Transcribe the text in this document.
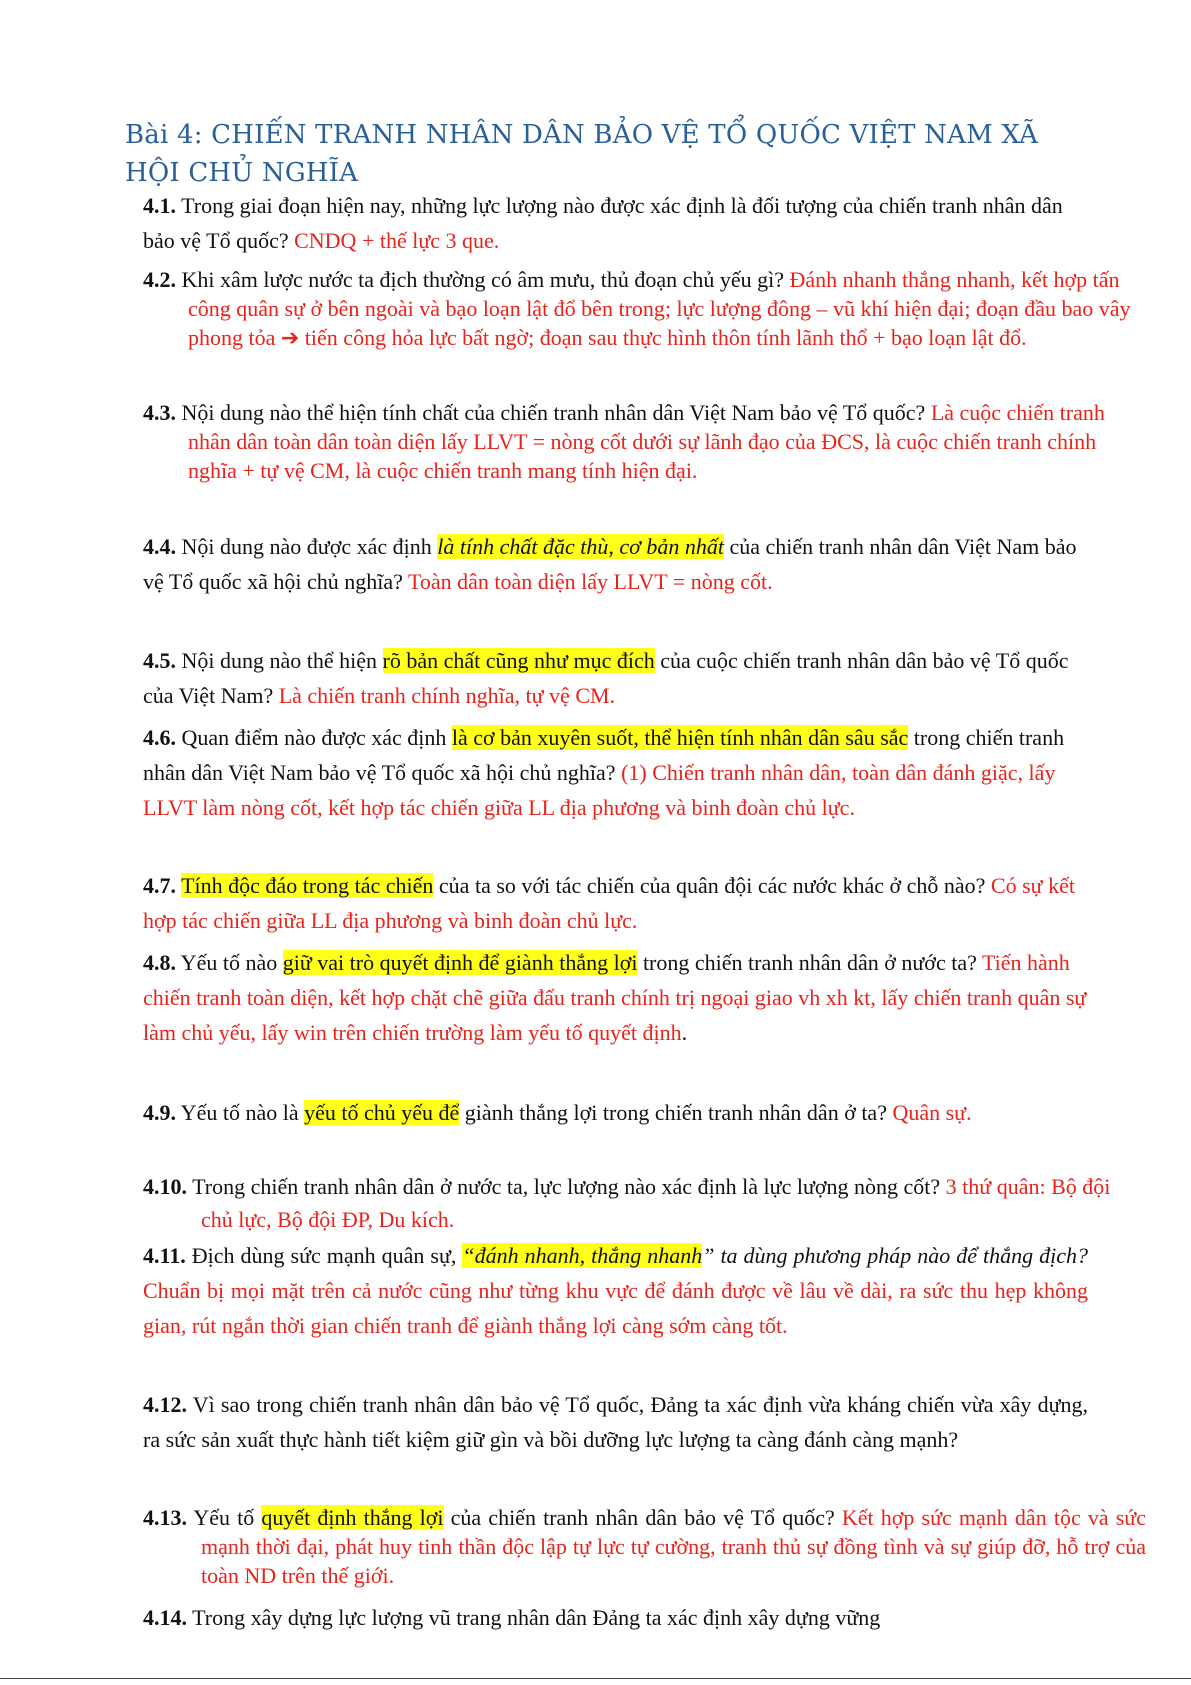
Bài 4: CHIẾN TRANH NHÂN DÂN BẢO VỆ TỔ QUỐC VIỆT NAM XÃ HỘI CHỦ NGHĨA

4.1. Trong giai đoạn hiện nay, những lực lượng nào được xác định là đối tượng của chiến tranh nhân dân bảo vệ Tổ quốc? CNDQ + thế lực 3 que.

4.2. Khi xâm lược nước ta địch thường có âm mưu, thủ đoạn chủ yếu gì? Đánh nhanh thắng nhanh, kết hợp tấn công quân sự ở bên ngoài và bạo loạn lật đổ bên trong; lực lượng đông – vũ khí hiện đại; đoạn đầu bao vây phong tỏa ➔ tiến công hỏa lực bất ngờ; đoạn sau thực hình thôn tính lãnh thổ + bạo loạn lật đổ.

4.3. Nội dung nào thể hiện tính chất của chiến tranh nhân dân Việt Nam bảo vệ Tổ quốc? Là cuộc chiến tranh nhân dân toàn dân toàn diện lấy LLVT = nòng cốt dưới sự lãnh đạo của ĐCS, là cuộc chiến tranh chính nghĩa + tự vệ CM, là cuộc chiến tranh mang tính hiện đại.

4.4. Nội dung nào được xác định là tính chất đặc thù, cơ bản nhất của chiến tranh nhân dân Việt Nam bảo vệ Tổ quốc xã hội chủ nghĩa? Toàn dân toàn diện lấy LLVT = nòng cốt.

4.5. Nội dung nào thể hiện rõ bản chất cũng như mục đích của cuộc chiến tranh nhân dân bảo vệ Tổ quốc của Việt Nam? Là chiến tranh chính nghĩa, tự vệ CM.

4.6. Quan điểm nào được xác định là cơ bản xuyên suốt, thể hiện tính nhân dân sâu sắc trong chiến tranh nhân dân Việt Nam bảo vệ Tổ quốc xã hội chủ nghĩa? (1) Chiến tranh nhân dân, toàn dân đánh giặc, lấy LLVT làm nòng cốt, kết hợp tác chiến giữa LL địa phương và binh đoàn chủ lực.

4.7. Tính độc đáo trong tác chiến của ta so với tác chiến của quân đội các nước khác ở chỗ nào? Có sự kết hợp tác chiến giữa LL địa phương và binh đoàn chủ lực.

4.8. Yếu tố nào giữ vai trò quyết định để giành thắng lợi trong chiến tranh nhân dân ở nước ta? Tiến hành chiến tranh toàn diện, kết hợp chặt chẽ giữa đấu tranh chính trị ngoại giao vh xh kt, lấy chiến tranh quân sự làm chủ yếu, lấy win trên chiến trường làm yếu tố quyết định.

4.9. Yếu tố nào là yếu tố chủ yếu để giành thắng lợi trong chiến tranh nhân dân ở ta? Quân sự.

4.10. Trong chiến tranh nhân dân ở nước ta, lực lượng nào xác định là lực lượng nòng cốt? 3 thứ quân: Bộ đội chủ lực, Bộ đội ĐP, Du kích.

4.11. Địch dùng sức mạnh quân sự, “đánh nhanh, thắng nhanh” ta dùng phương pháp nào để thắng địch? Chuẩn bị mọi mặt trên cả nước cũng như từng khu vực để đánh được về lâu về dài, ra sức thu hẹp không gian, rút ngắn thời gian chiến tranh để giành thắng lợi càng sớm càng tốt.

4.12. Vì sao trong chiến tranh nhân dân bảo vệ Tổ quốc, Đảng ta xác định vừa kháng chiến vừa xây dựng, ra sức sản xuất thực hành tiết kiệm giữ gìn và bồi dưỡng lực lượng ta càng đánh càng mạnh?

4.13. Yếu tố quyết định thắng lợi của chiến tranh nhân dân bảo vệ Tổ quốc? Kết hợp sức mạnh dân tộc và sức mạnh thời đại, phát huy tinh thần độc lập tự lực tự cường, tranh thủ sự đồng tình và sự giúp đỡ, hỗ trợ của toàn ND trên thế giới.

4.14. Trong xây dựng lực lượng vũ trang nhân dân Đảng ta xác định xây dựng vững
